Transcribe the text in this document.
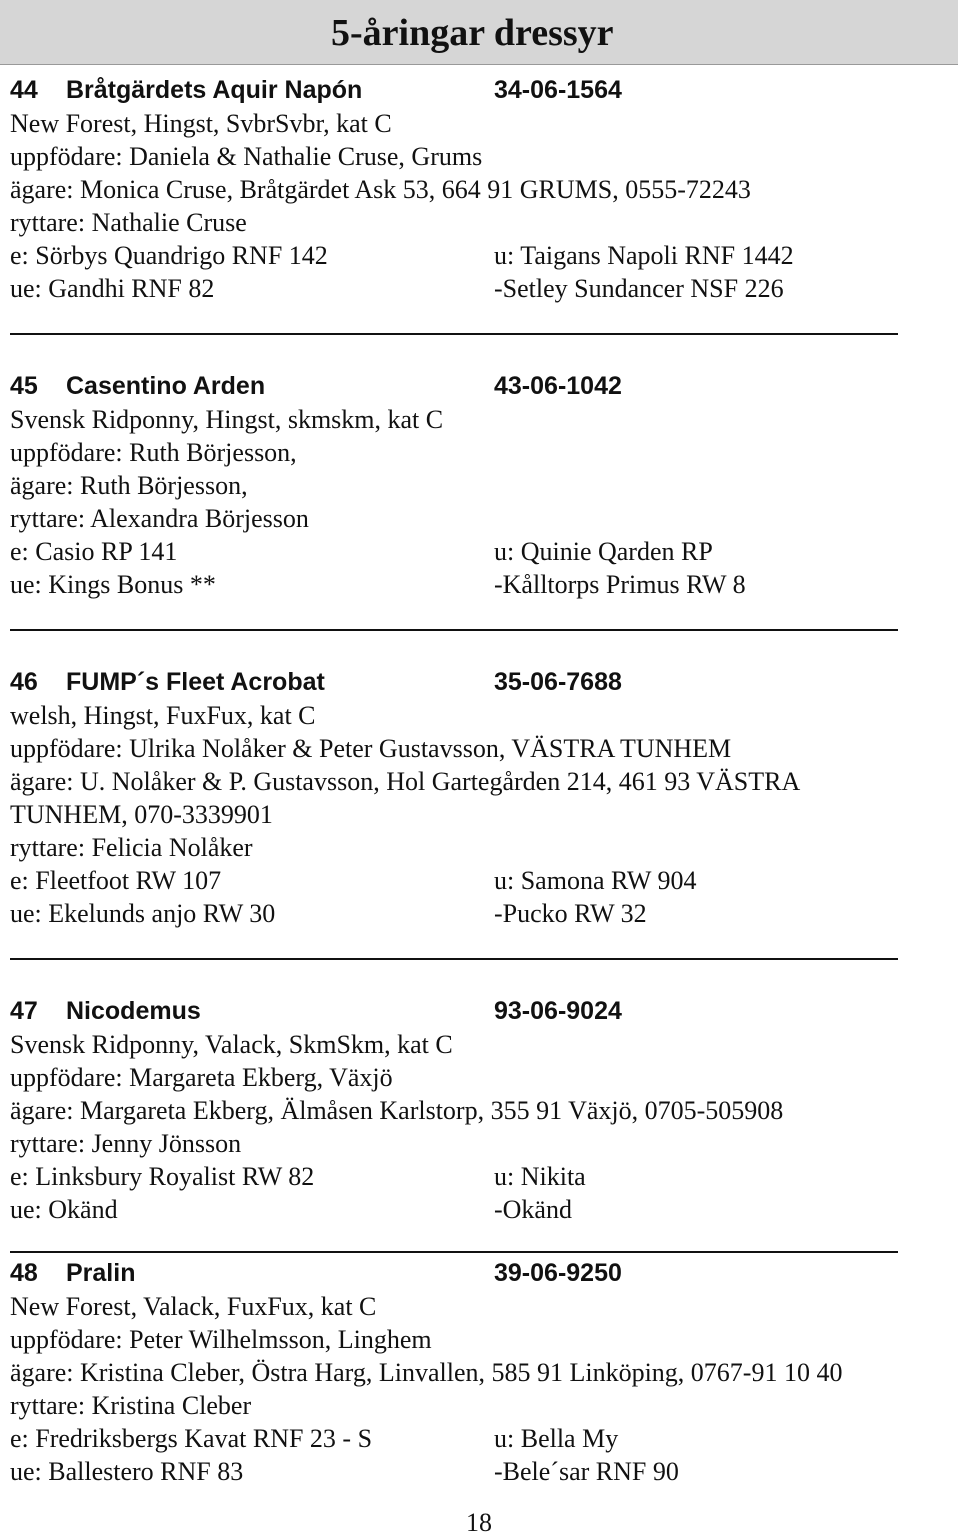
5-åringar dressyr
44 Bråtgärdets Aquir Napón	34-06-1564
New Forest, Hingst, SvbrSvbr, kat C
uppfödare: Daniela & Nathalie Cruse, Grums
ägare: Monica Cruse, Bråtgärdet Ask 53, 664 91 GRUMS, 0555-72243
ryttare: Nathalie Cruse
e: Sörbys Quandrigo RNF 142	u: Taigans Napoli RNF 1442
ue: Gandhi RNF 82	-Setley Sundancer NSF 226
45 Casentino Arden	43-06-1042
Svensk Ridponny, Hingst, skmskm, kat C
uppfödare: Ruth Börjesson,
ägare: Ruth Börjesson,
ryttare: Alexandra Börjesson
e: Casio RP 141	u: Quinie Qarden RP
ue: Kings Bonus **	-Kålltorps Primus RW 8
46 FUMP´s Fleet Acrobat	35-06-7688
welsh, Hingst, FuxFux, kat C
uppfödare: Ulrika Nolåker & Peter Gustavsson, VÄSTRA TUNHEM
ägare: U. Nolåker & P. Gustavsson, Hol Gartegården 214, 461 93 VÄSTRA
TUNHEM, 070-3339901
ryttare: Felicia Nolåker
e: Fleetfoot RW 107	u: Samona RW 904
ue: Ekelunds anjo RW 30	-Pucko RW 32
47 Nicodemus	93-06-9024
Svensk Ridponny, Valack, SkmSkm, kat C
uppfödare: Margareta Ekberg, Växjö
ägare: Margareta Ekberg, Älmåsen Karlstorp, 355 91 Växjö, 0705-505908
ryttare: Jenny Jönsson
e: Linksbury Royalist RW 82	u: Nikita
ue: Okänd	-Okänd
48 Pralin	39-06-9250
New Forest, Valack, FuxFux, kat C
uppfödare: Peter Wilhelmsson, Linghem
ägare: Kristina Cleber, Östra Harg, Linvallen, 585 91 Linköping, 0767-91 10 40
ryttare: Kristina Cleber
e: Fredriksbergs Kavat RNF 23 - S	u: Bella My
ue: Ballestero RNF 83	-Bele´sar RNF 90
18
